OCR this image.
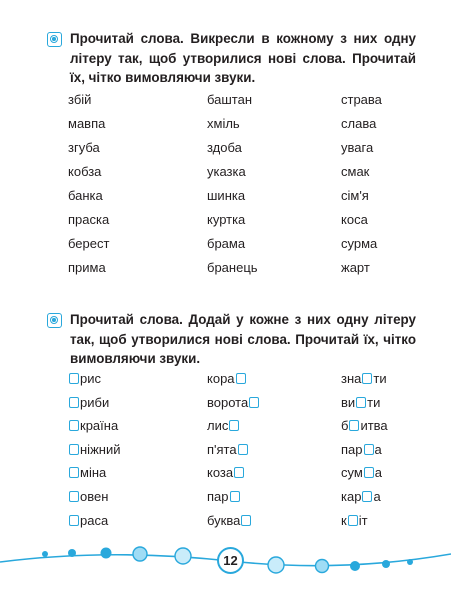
Прочитай слова. Викресли в кожному з них одну літеру так, щоб утворилися нові слова. Прочитай їх, чітко вимовляючи звуки.
збій
мавпа
згуба
кобза
банка
праска
берест
прима
баштан
хміль
здоба
указка
шинка
куртка
брама
бранець
страва
слава
увага
смак
сім'я
коса
сурма
жарт
Прочитай слова. Додай у кожне з них одну літеру так, щоб утворилися нові слова. Прочитай їх, чітко вимовляючи звуки.
рис
риби
країна
ніжний
міна
овен
раса
кора
ворота
лис
п'ята
коза
пар
буква
зна ти
ви ти
б итва
пар а
сум а
кар а
к іт
12
